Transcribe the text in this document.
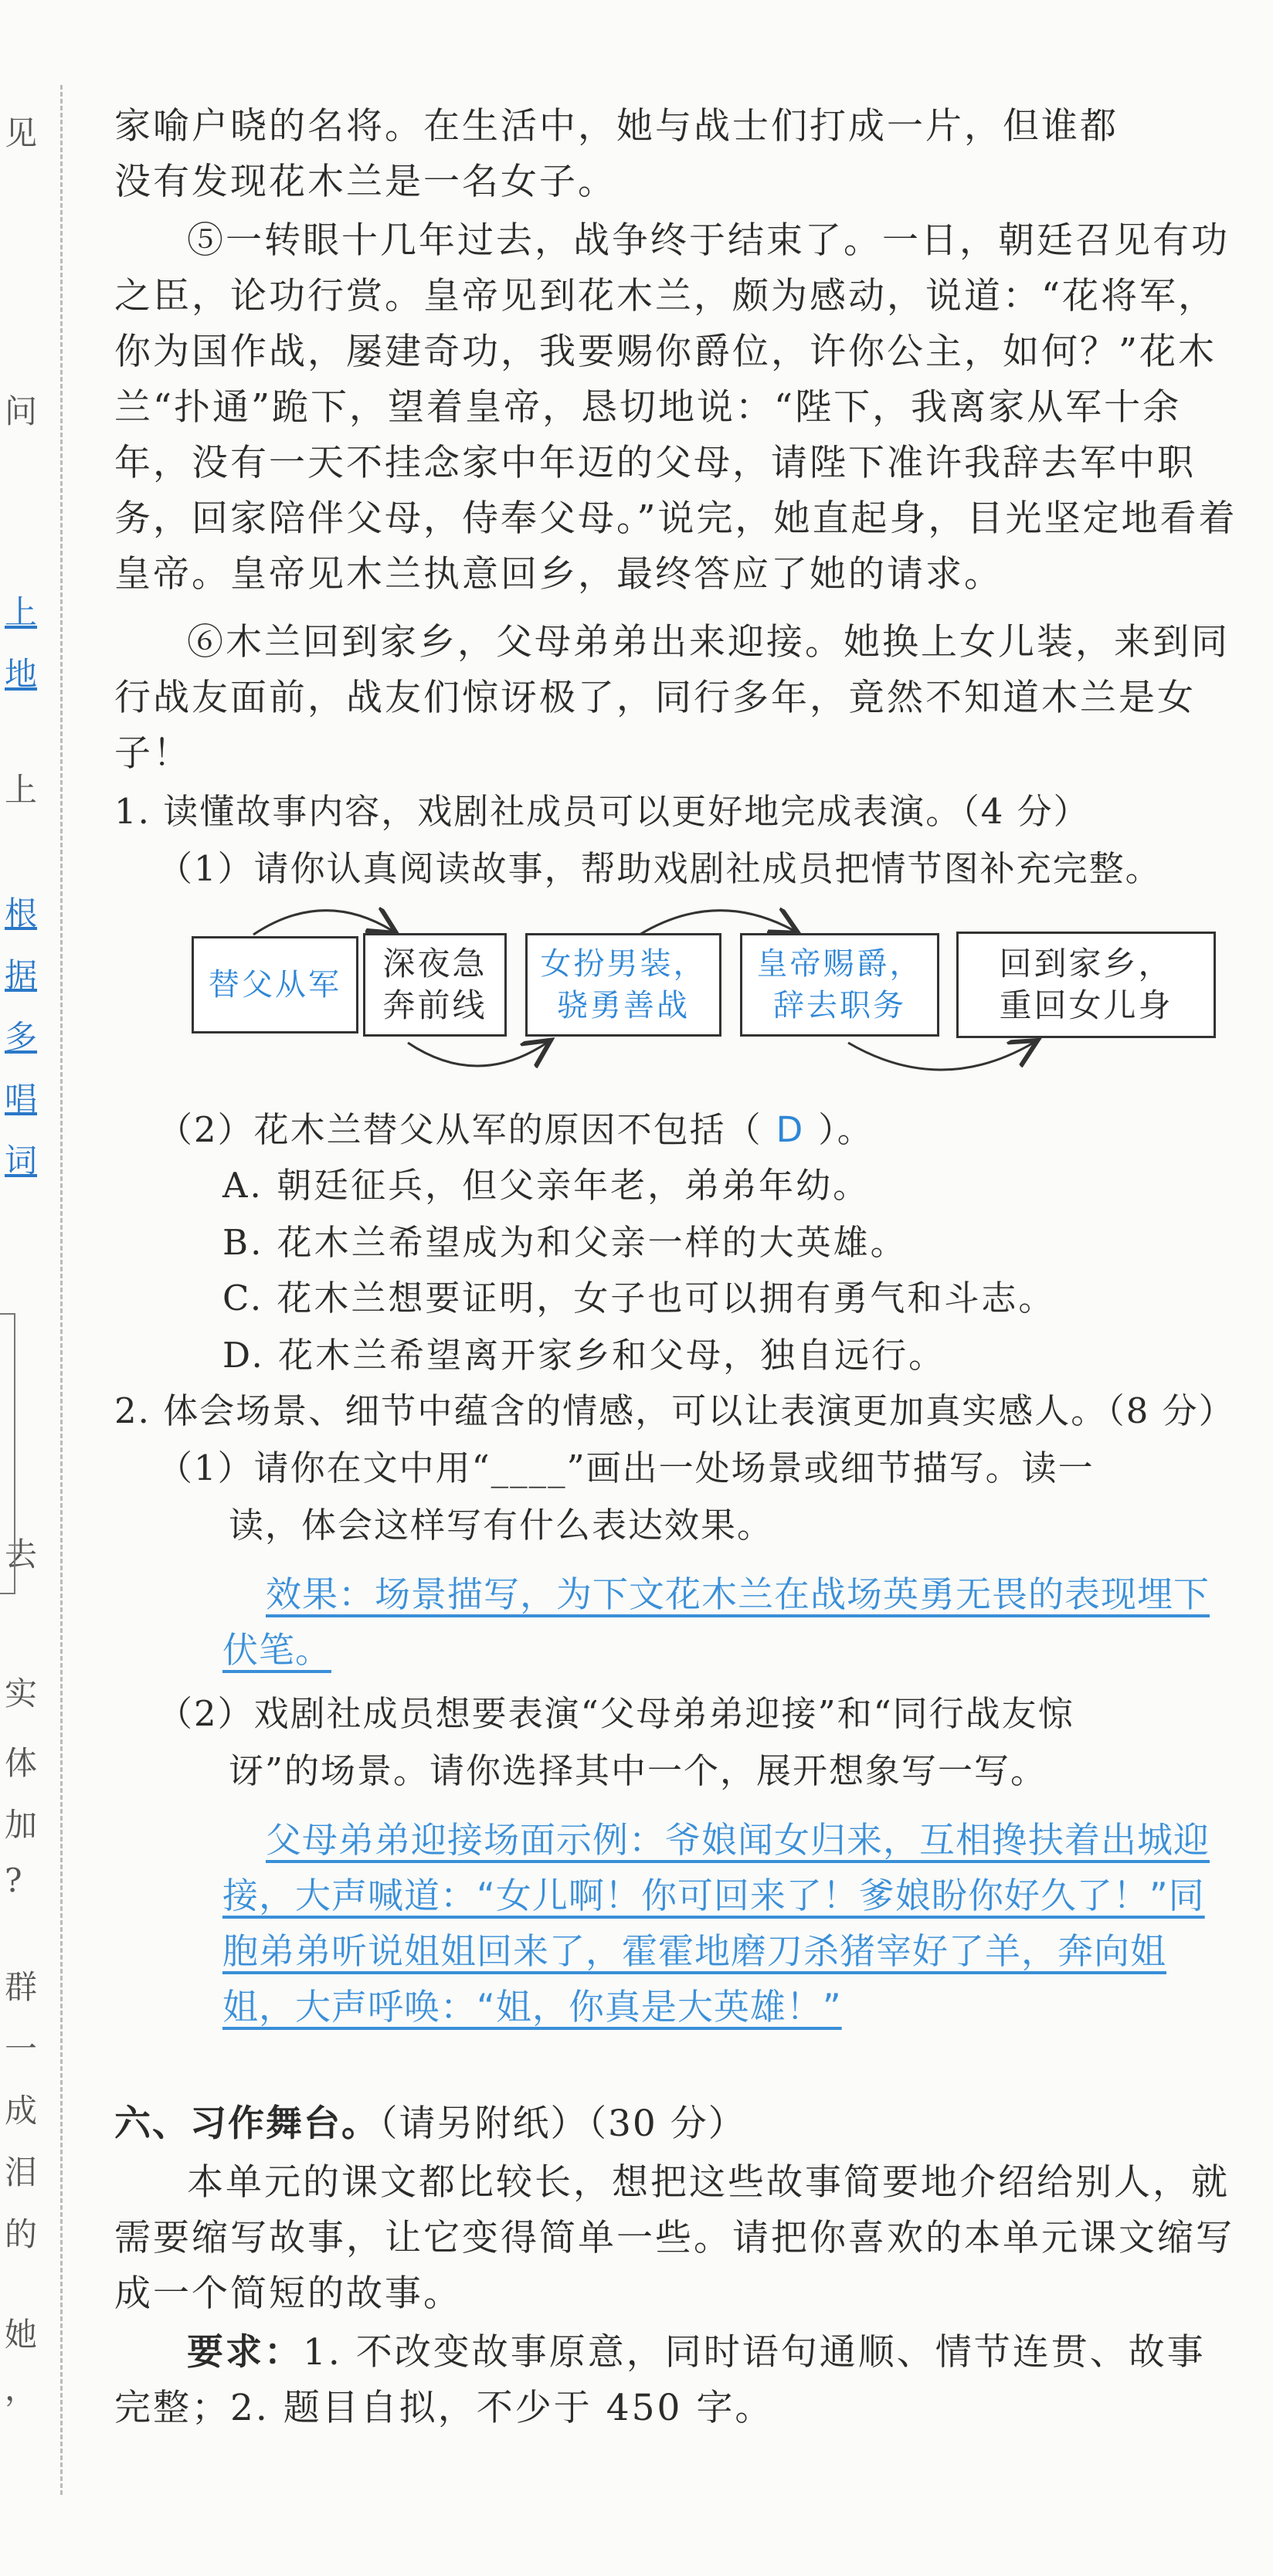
见
问
上
地
上
根
据
多
唱
词
去
实
体
加
?
群
一
成
泪
的
她
，
家喻户晓的名将。在生活中，她与战士们打成一片，但谁都
没有发现花木兰是一名女子。
⑤一转眼十几年过去，战争终于结束了。一日，朝廷召见有功之臣，论功行赏。皇帝见到花木兰，颇为感动，说道：“花将军，你为国作战，屡建奇功，我要赐你爵位，许你公主，如何？”花木兰“扑通”跪下，望着皇帝，恳切地说：“陛下，我离家从军十余年，没有一天不挂念家中年迈的父母，请陛下准许我辞去军中职务，回家陪伴父母，侍奉父母。”说完，她直起身，目光坚定地看着皇帝。皇帝见木兰执意回乡，最终答应了她的请求。
⑥木兰回到家乡，父母弟弟出来迎接。她换上女儿装，来到同行战友面前，战友们惊讶极了，同行多年，竟然不知道木兰是女子！
1. 读懂故事内容，戏剧社成员可以更好地完成表演。（4 分）
（1）请你认真阅读故事，帮助戏剧社成员把情节图补充完整。
替父从军
深夜急
奔前线
女扮男装，
骁勇善战
皇帝赐爵，
辞去职务
回到家乡，
重回女儿身
（2）花木兰替父从军的原因不包括（ D ）。
A. 朝廷征兵，但父亲年老，弟弟年幼。
B. 花木兰希望成为和父亲一样的大英雄。
C. 花木兰想要证明，女子也可以拥有勇气和斗志。
D. 花木兰希望离开家乡和父母，独自远行。
2. 体会场景、细节中蕴含的情感，可以让表演更加真实感人。（8 分）
（1）请你在文中用“____”画出一处场景或细节描写。读一
读，体会这样写有什么表达效果。
效果：场景描写，为下文花木兰在战场英勇无畏的表现埋下伏笔。
（2）戏剧社成员想要表演“父母弟弟迎接”和“同行战友惊
讶”的场景。请你选择其中一个，展开想象写一写。
父母弟弟迎接场面示例：爷娘闻女归来，互相搀扶着出城迎接，大声喊道：“女儿啊！你可回来了！爹娘盼你好久了！”同胞弟弟听说姐姐回来了，霍霍地磨刀杀猪宰好了羊，奔向姐姐，大声呼唤：“姐，你真是大英雄！”
六、习作舞台。（请另附纸）（30 分）
本单元的课文都比较长，想把这些故事简要地介绍给别人，就需要缩写故事，让它变得简单一些。请把你喜欢的本单元课文缩写成一个简短的故事。
要求：1. 不改变故事原意，同时语句通顺、情节连贯、故事完整；2. 题目自拟，不少于 450 字。
